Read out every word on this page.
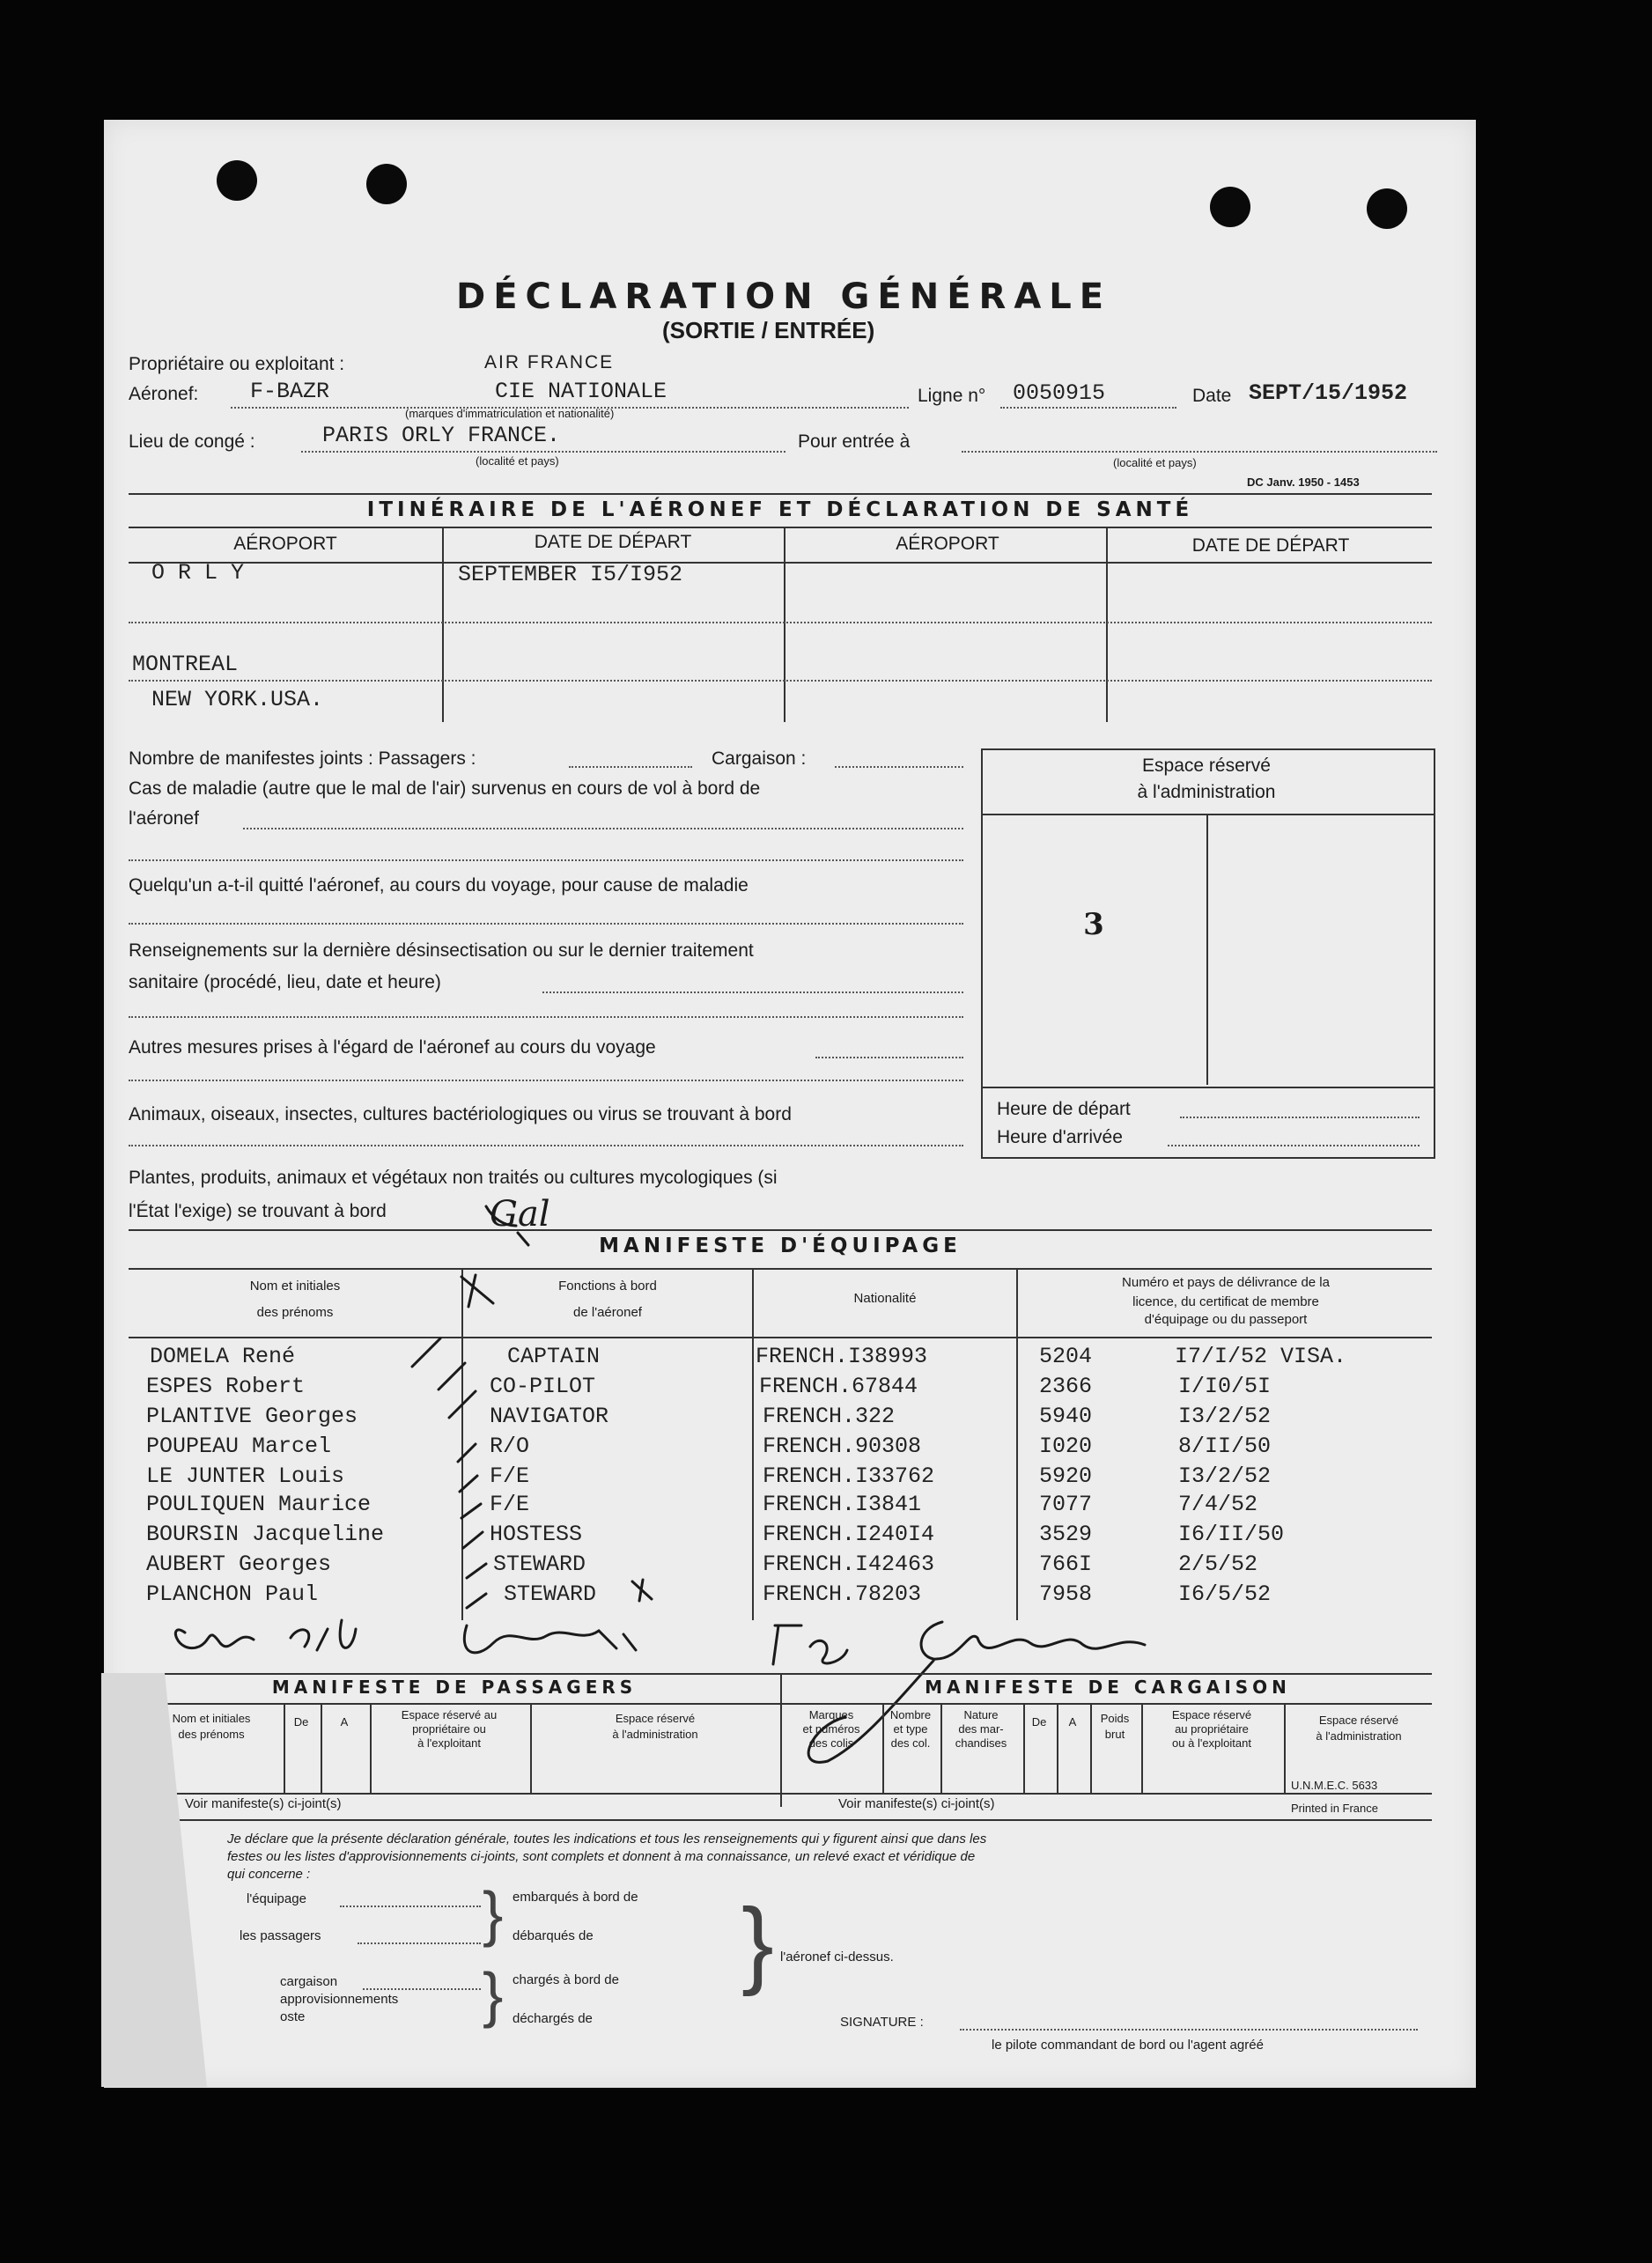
DÉCLARATION GÉNÉRALE
(SORTIE / ENTRÉE)
Propriétaire ou exploitant :	AIR FRANCE
Aéronef: F-BAZR	CIE NATIONALE
(marques d'immatriculation et nationalité)
Ligne n° 0050915	Date SEPT/15/1952
Lieu de congé :	PARIS ORLY FRANCE.
(localité et pays)
Pour entrée à
(localité et pays)
DC Janv. 1950 - 1453
ITINÉRAIRE DE L'AÉRONEF ET DÉCLARATION DE SANTÉ
AÉROPORT	DATE DE DÉPART	AÉROPORT	DATE DE DÉPART
O R L Y	SEPTEMBER I5/I952
MONTREAL
NEW YORK.USA.
Nombre de manifestes joints : Passagers :	Cargaison :
Cas de maladie (autre que le mal de l'air) survenus en cours de vol à bord de
l'aéronef
Quelqu'un a-t-il quitté l'aéronef, au cours du voyage, pour cause de maladie
Renseignements sur la dernière désinsectisation ou sur le dernier traitement
sanitaire (procédé, lieu, date et heure)
Autres mesures prises à l'égard de l'aéronef au cours du voyage
Animaux, oiseaux, insectes, cultures bactériologiques ou virus se trouvant à bord
Plantes, produits, animaux et végétaux non traités ou cultures mycologiques (si
l'État l'exige) se trouvant à bord	Gal
Espace réservé
à l'administration
3
Heure de départ
Heure d'arrivée
MANIFESTE D'ÉQUIPAGE
Nom et initiales
des prénoms
Fonctions à bord
de l'aéronef
Nationalité
Numéro et pays de délivrance de la
licence, du certificat de membre
d'équipage ou du passeport
DOMELA René	CAPTAIN	FRENCH.I38993	5204	I7/I/52 VISA.
ESPES Robert	CO-PILOT	FRENCH.67844	2366	I/I0/5I
PLANTIVE Georges	NAVIGATOR	FRENCH.322	5940	I3/2/52
POUPEAU Marcel	R/O	FRENCH.90308	I020	8/II/50
LE JUNTER Louis	F/E	FRENCH.I33762	5920	I3/2/52
POULIQUEN Maurice	F/E	FRENCH.I3841	7077	7/4/52
BOURSIN Jacqueline	HOSTESS	FRENCH.I240I4	3529	I6/II/50
AUBERT Georges	STEWARD	FRENCH.I42463	766I	2/5/52
PLANCHON Paul	STEWARD	FRENCH.78203	7958	I6/5/52
MANIFESTE DE PASSAGERS	MANIFESTE DE CARGAISON
Nom et initiales
des prénoms
De	A
Espace réservé au
propriétaire ou
à l'exploitant
Espace réservé
à l'administration
Voir manifeste(s) ci-joint(s)
Marques
et numéros
des colis
Nombre
et type
des col.
Nature
des mar-
chandises
De	A	Poids
brut
Espace réservé
au propriétaire
ou à l'exploitant
Espace réservé
à l'administration
U.N.M.E.C. 5633
Printed in France
Voir manifeste(s) ci-joint(s)
Je déclare que la présente déclaration générale, toutes les indications et tous les renseignements qui y figurent ainsi que dans les
festes ou les listes d'approvisionnements ci-joints, sont complets et donnent à ma connaissance, un relevé exact et véridique de
qui concerne :
l'équipage
les passagers
cargaison
approvisionnements
oste
embarqués à bord de
débarqués de
chargés à bord de
déchargés de
}
} } l'aéronef ci-dessus.
SIGNATURE :
le pilote commandant de bord ou l'agent agréé
